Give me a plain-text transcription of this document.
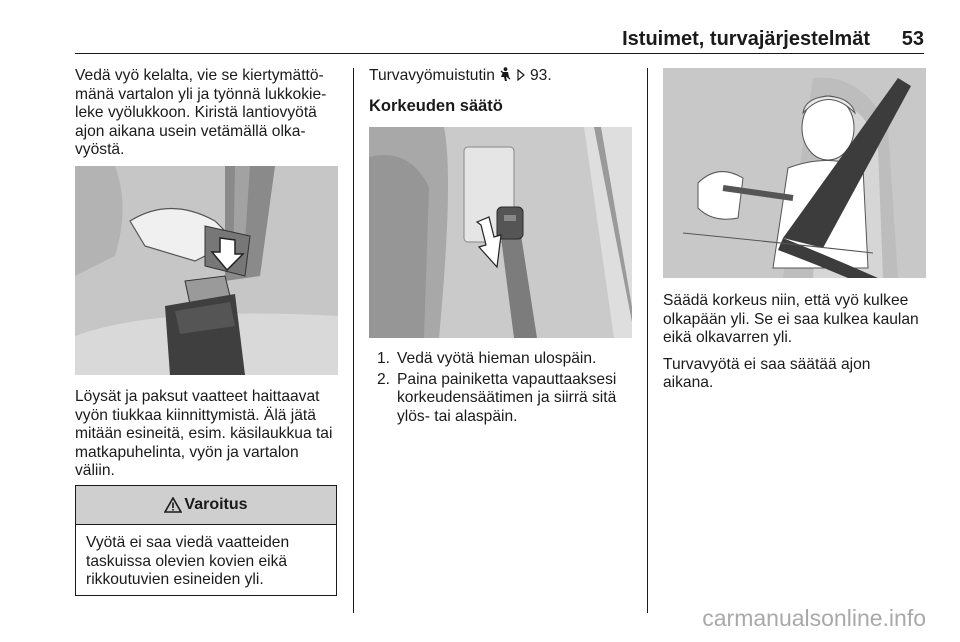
Istuimet, turvajärjestelmät 53

Vedä vyö kelalta, vie se kiertymättö-

mänä vartalon yli ja työnnä lukkokie-

leke vyölukkoon. Kiristä lantiovyötä

ajon aikana usein vetämällä olka-

vyöstä.

Löysät ja paksut vaatteet haittaavat

vyön tiukkaa kiinnittymistä. Älä jätä

mitään esineitä, esim. käsilaukkua tai

matkapuhelinta, vyön ja vartalon

väliin.

Varoitus
Vyötä ei saa viedä vaatteiden
taskuissa olevien kovien eikä
rikkoutuvien esineiden yli.

Turvavyömuistutin 93.

Korkeuden säätö
1. Vedä vyötä hieman ulospäin.
2. Paina painiketta vapauttaaksesi
korkeudensäätimen ja siirrä sitä
ylös- tai alaspäin.

Säädä korkeus niin, että vyö kulkee

olkapään yli. Se ei saa kulkea kaulan

eikä olkavarren yli.

Turvavyötä ei saa säätää ajon

aikana.

carmanualsonline.info
